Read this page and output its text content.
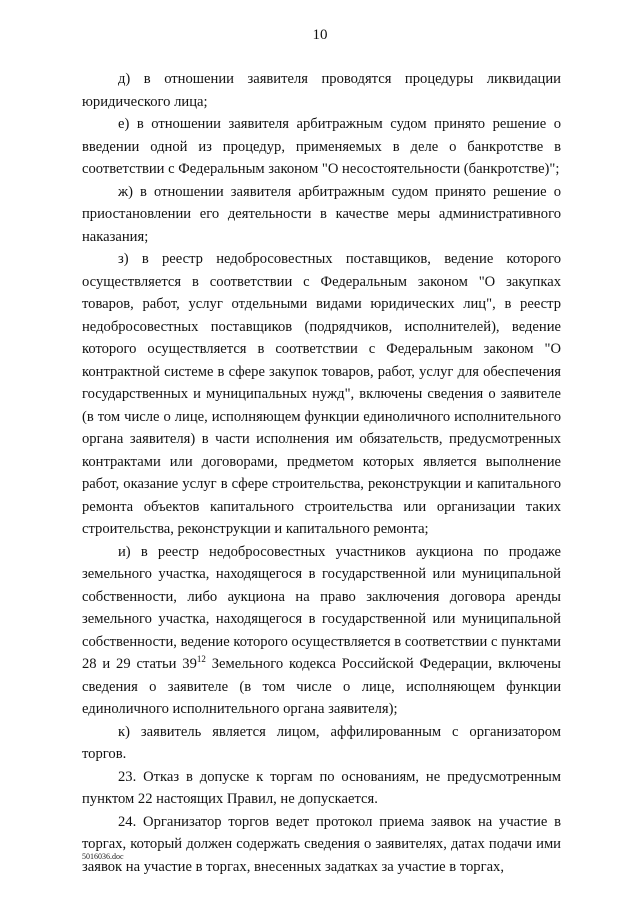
10

д) в отношении заявителя проводятся процедуры ликвидации юридического лица;

е) в отношении заявителя арбитражным судом принято решение о введении одной из процедур, применяемых в деле о банкротстве в соответствии с Федеральным законом "О несостоятельности (банкротстве)";

ж) в отношении заявителя арбитражным судом принято решение о приостановлении его деятельности в качестве меры административного наказания;

з) в реестр недобросовестных поставщиков, ведение которого осуществляется в соответствии с Федеральным законом "О закупках товаров, работ, услуг отдельными видами юридических лиц", в реестр недобросовестных поставщиков (подрядчиков, исполнителей), ведение которого осуществляется в соответствии с Федеральным законом "О контрактной системе в сфере закупок товаров, работ, услуг для обеспечения государственных и муниципальных нужд", включены сведения о заявителе (в том числе о лице, исполняющем функции единоличного исполнительного органа заявителя) в части исполнения им обязательств, предусмотренных контрактами или договорами, предметом которых является выполнение работ, оказание услуг в сфере строительства, реконструкции и капитального ремонта объектов капитального строительства или организации таких строительства, реконструкции и капитального ремонта;

и) в реестр недобросовестных участников аукциона по продаже земельного участка, находящегося в государственной или муниципальной собственности, либо аукциона на право заключения договора аренды земельного участка, находящегося в государственной или муниципальной собственности, ведение которого осуществляется в соответствии с пунктами 28 и 29 статьи $39^{12}$ Земельного кодекса Российской Федерации, включены сведения о заявителе (в том числе о лице, исполняющем функции единоличного исполнительного органа заявителя);

к) заявитель является лицом, аффилированным с организатором торгов.

23. Отказ в допуске к торгам по основаниям, не предусмотренным пунктом 22 настоящих Правил, не допускается.

24. Организатор торгов ведет протокол приема заявок на участие в торгах, который должен содержать сведения о заявителях, датах подачи ими заявок на участие в торгах, внесенных задатках за участие в торгах,

5016036.doc
